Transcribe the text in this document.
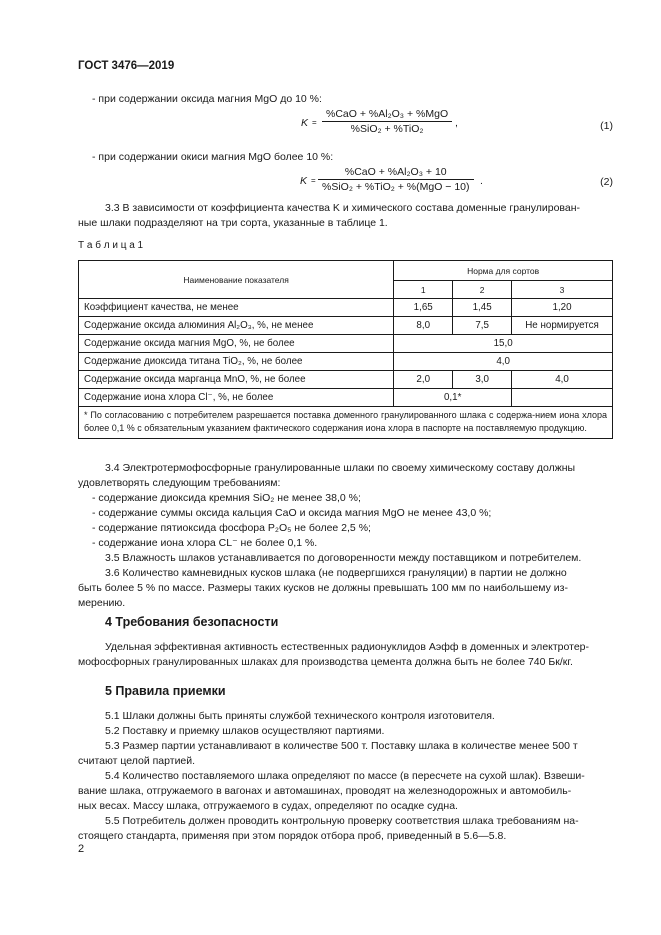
ГОСТ 3476—2019
- при содержании оксида магния MgO до 10 %:
K =
%CaO + %Al₂O₃ + %MgO
%SiO₂ + %TiO₂	,	(1)
- при содержании окиси магния MgO более 10 %:
K =
%CaO + %Al₂O₃ + 10
%SiO₂ + %TiO₂ + %(MgO − 10) .	(2)
3.3 В зависимости от коэффициента качества K и химического состава доменные гранулирован-
ные шлаки подразделяют на три сорта, указанные в таблице 1.
Т а б л и ц а 1
Наименование показателя	Норма для сортов		
	1	2	3
Коэффициент качества, не менее	1,65	1,45	1,20
Содержание оксида алюминия Al₂O₃, %, не менее	8,0	7,5	Не нормируется
Содержание оксида магния MgO, %, не более	15,0		
Содержание диоксида титана TiO₂, %, не более	4,0		
Содержание оксида марганца MnO, %, не более	2,0	3,0	4,0
Содержание иона хлора Cl⁻, %, не более	0,1*		
* По согласованию с потребителем разрешается поставка доменного гранулированного шлака с содержа-нием иона хлора более 0,1 % с обязательным указанием фактического содержания иона хлора в паспорте на поставляемую продукцию.			
3.4 Электротермофосфорные гранулированные шлаки по своему химическому составу должны
удовлетворять следующим требованиям:
- содержание диоксида кремния SiO₂ не менее 38,0 %;
- содержание суммы оксида кальция CaO и оксида магния MgO не менее 43,0 %;
- содержание пятиоксида фосфора P₂O₅ не более 2,5 %;
- содержание иона хлора CL⁻ не более 0,1 %.
3.5 Влажность шлаков устанавливается по договоренности между поставщиком и потребителем.
3.6 Количество камневидных кусков шлака (не подвергшихся грануляции) в партии не должно
быть более 5 % по массе. Размеры таких кусков не должны превышать 100 мм по наибольшему из-
мерению.
4 Требования безопасности
Удельная эффективная активность естественных радионуклидов Aэфф в доменных и электротер-
мофосфорных гранулированных шлаках для производства цемента должна быть не более 740 Бк/кг.
5 Правила приемки
5.1 Шлаки должны быть приняты службой технического контроля изготовителя.
5.2 Поставку и приемку шлаков осуществляют партиями.
5.3 Размер партии устанавливают в количестве 500 т. Поставку шлака в количестве менее 500 т
считают целой партией.
5.4 Количество поставляемого шлака определяют по массе (в пересчете на сухой шлак). Взвеши-
вание шлака, отгружаемого в вагонах и автомашинах, проводят на железнодорожных и автомобиль-
ных весах. Массу шлака, отгружаемого в судах, определяют по осадке судна.
5.5 Потребитель должен проводить контрольную проверку соответствия шлака требованиям на-
стоящего стандарта, применяя при этом порядок отбора проб, приведенный в 5.6—5.8.
2
